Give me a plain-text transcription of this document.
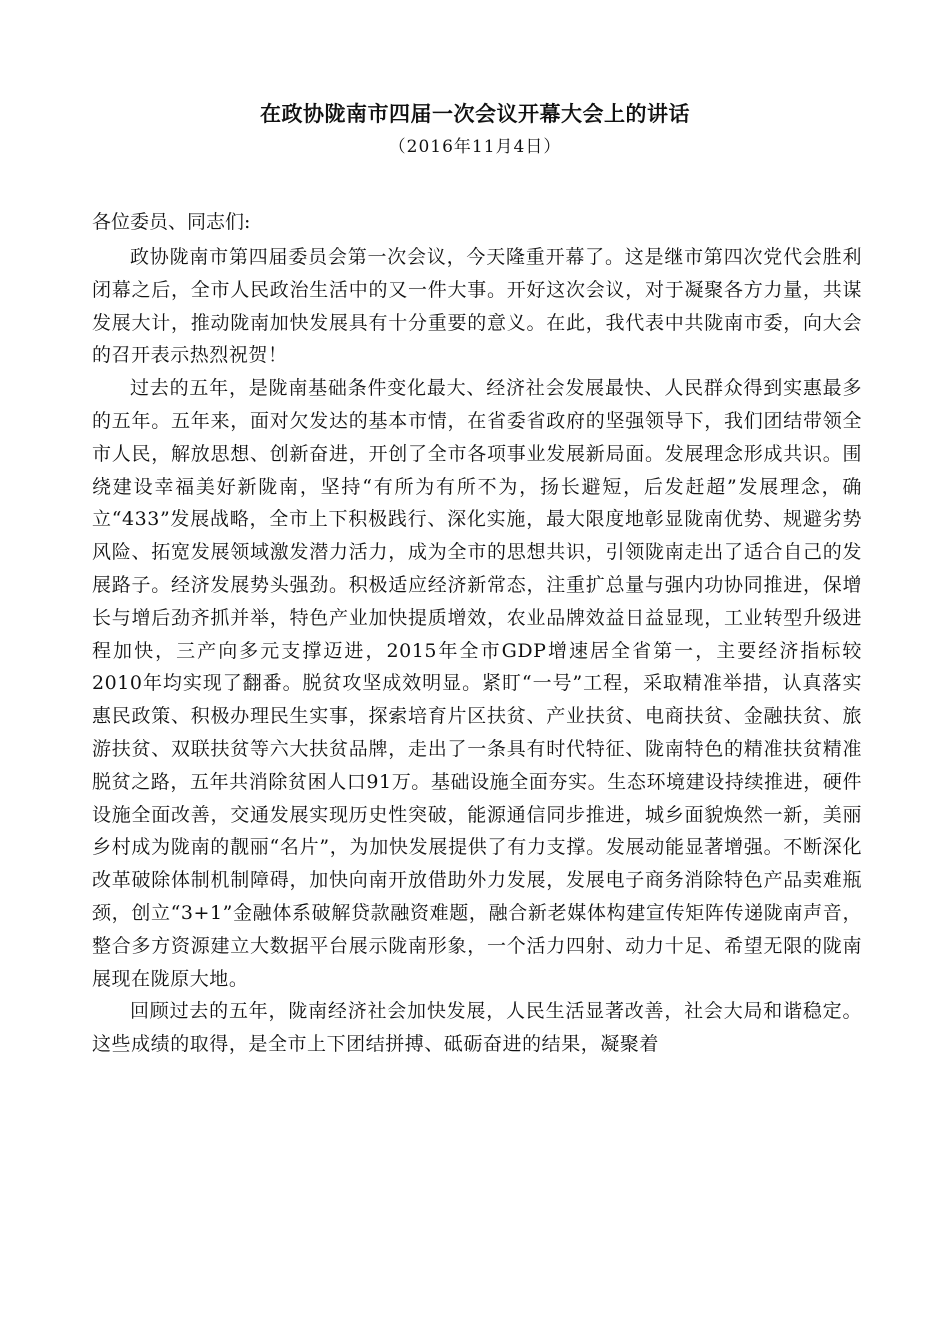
在政协陇南市四届一次会议开幕大会上的讲话
（2016年11月4日）
各位委员、同志们:

政协陇南市第四届委员会第一次会议，今天隆重开幕了。这是继市第四次党代会胜利闭幕之后，全市人民政治生活中的又一件大事。开好这次会议，对于凝聚各方力量，共谋发展大计，推动陇南加快发展具有十分重要的意义。在此，我代表中共陇南市委，向大会的召开表示热烈祝贺！

过去的五年，是陇南基础条件变化最大、经济社会发展最快、人民群众得到实惠最多的五年。五年来，面对欠发达的基本市情，在省委省政府的坚强领导下，我们团结带领全市人民，解放思想、创新奋进，开创了全市各项事业发展新局面。发展理念形成共识。围绕建设幸福美好新陇南，坚持“有所为有所不为，扬长避短，后发赶超”发展理念，确立“433”发展战略，全市上下积极践行、深化实施，最大限度地彰显陇南优势、规避劣势风险、拓宽发展领域激发潜力活力，成为全市的思想共识，引领陇南走出了适合自己的发展路子。经济发展势头强劲。积极适应经济新常态，注重扩总量与强内功协同推进，保增长与增后劲齐抓并举，特色产业加快提质增效，农业品牌效益日益显现，工业转型升级进程加快，三产向多元支撑迈进，2015年全市GDP增速居全省第一，主要经济指标较2010年均实现了翻番。脱贫攻坚成效明显。紧盯“一号”工程，采取精准举措，认真落实惠民政策、积极办理民生实事，探索培育片区扶贫、产业扶贫、电商扶贫、金融扶贫、旅游扶贫、双联扶贫等六大扶贫品牌，走出了一条具有时代特征、陇南特色的精准扶贫精准脱贫之路，五年共消除贫困人口91万。基础设施全面夯实。生态环境建设持续推进，硬件设施全面改善，交通发展实现历史性突破，能源通信同步推进，城乡面貌焕然一新，美丽乡村成为陇南的靓丽“名片”，为加快发展提供了有力支撑。发展动能显著增强。不断深化改革破除体制机制障碍，加快向南开放借助外力发展，发展电子商务消除特色产品卖难瓶颈，创立“3+1”金融体系破解贷款融资难题，融合新老媒体构建宣传矩阵传递陇南声音，整合多方资源建立大数据平台展示陇南形象，一个活力四射、动力十足、希望无限的陇南展现在陇原大地。

回顾过去的五年，陇南经济社会加快发展，人民生活显著改善，社会大局和谐稳定。这些成绩的取得，是全市上下团结拼搏、砥砺奋进的结果，凝聚着
